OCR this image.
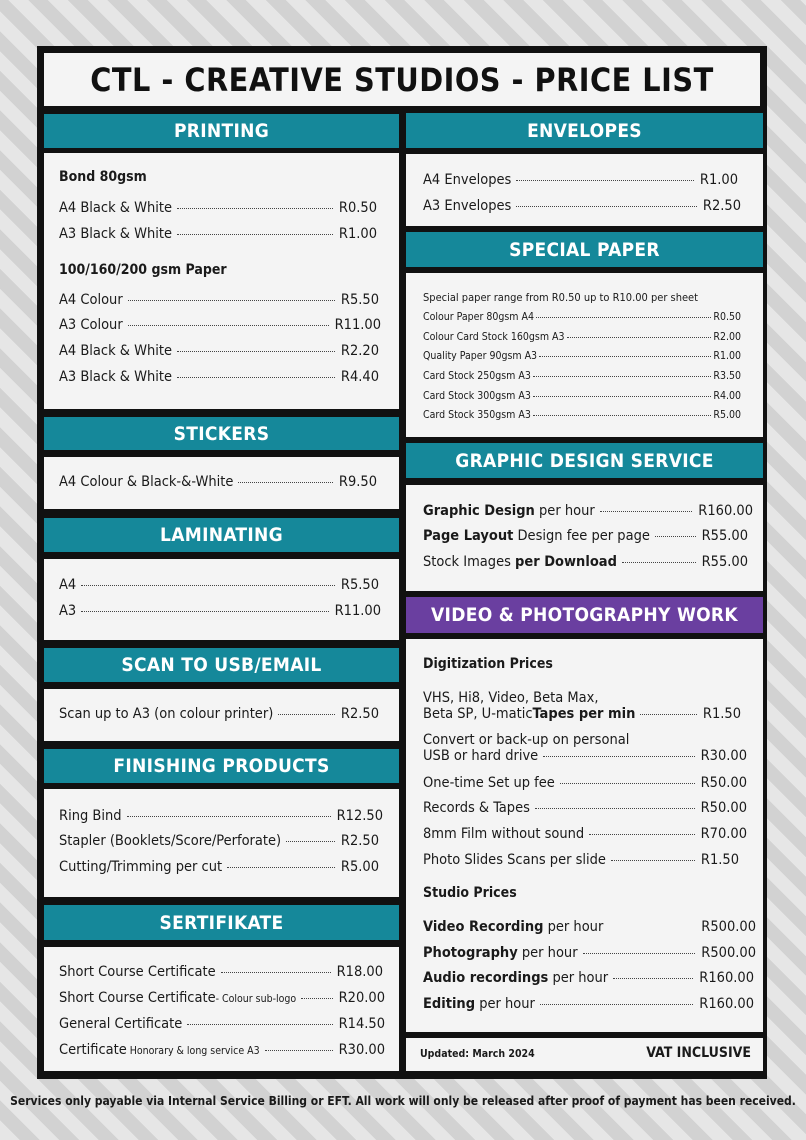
CTL - CREATIVE STUDIOS - PRICE LIST
PRINTING
Bond 80gsm
A4 Black & White	R0.50
A3 Black & White	R1.00
100/160/200 gsm Paper
A4 Colour	R5.50
A3 Colour	R11.00
A4 Black & White	R2.20
A3 Black & White	R4.40
STICKERS
A4 Colour & Black-&-White	R9.50
LAMINATING
A4	R5.50
A3	R11.00
SCAN TO USB/EMAIL
Scan up to A3 (on colour printer)	R2.50
FINISHING PRODUCTS
Ring Bind	R12.50
Stapler (Booklets/Score/Perforate)	R2.50
Cutting/Trimming per cut	R5.00
SERTIFIKATE
Short Course Certificate	R18.00
Short Course Certificate- Colour sub-logo	R20.00
General Certificate	R14.50
Certificate Honorary & long service A3	R30.00
ENVELOPES
A4 Envelopes	R1.00
A3 Envelopes	R2.50
SPECIAL PAPER
Special paper range from R0.50 up to R10.00 per sheet
Colour Paper 80gsm A4	R0.50
Colour Card Stock 160gsm A3	R2.00
Quality Paper 90gsm A3	R1.00
Card Stock 250gsm A3	R3.50
Card Stock 300gsm A3	R4.00
Card Stock 350gsm A3	R5.00
GRAPHIC DESIGN SERVICE
Graphic Design per hour	R160.00
Page Layout Design fee per page	R55.00
Stock Images per Download	R55.00
VIDEO & PHOTOGRAPHY WORK
Digitization Prices
VHS, Hi8, Video, Beta Max,
Beta SP, U-matic Tapes per min	R1.50
Convert or back-up on personal
USB or hard drive	R30.00
One-time Set up fee	R50.00
Records & Tapes	R50.00
8mm Film without sound	R70.00
Photo Slides Scans per slide	R1.50
Studio Prices
Video Recording per hour	R500.00
Photography per hour	R500.00
Audio recordings per hour	R160.00
Editing per hour	R160.00
Updated: March 2024	VAT INCLUSIVE
Services only payable via Internal Service Billing or EFT. All work will only be released after proof of payment has been received.
